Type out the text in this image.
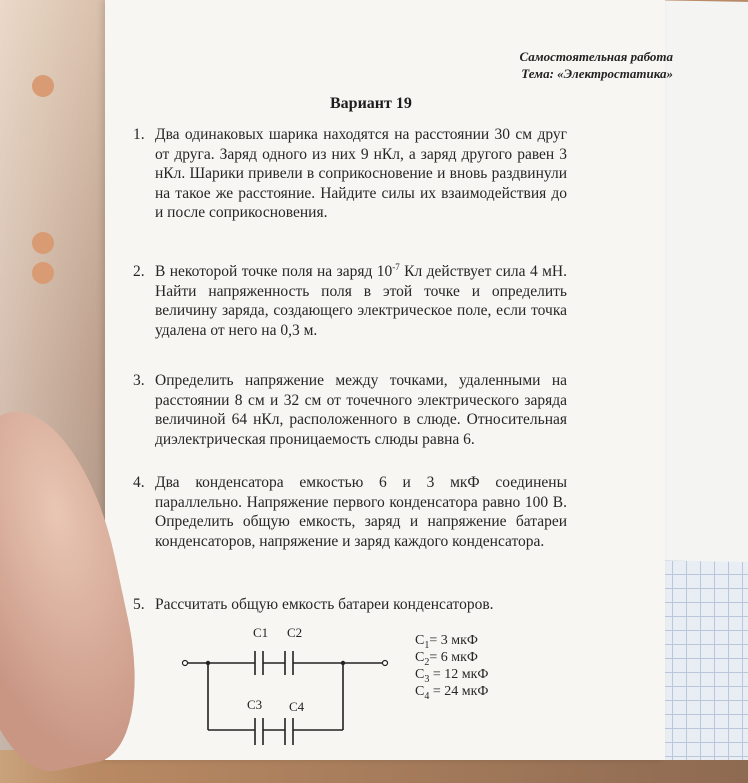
Самостоятельная работа
Тема: «Электростатика»
Вариант 19
1. Два одинаковых шарика находятся на расстоянии 30 см друг от друга. Заряд одного из них 9 нКл, а заряд другого равен 3 нКл. Шарики привели в соприкосновение и вновь раздвинули на такое же расстояние. Найдите силы их взаимодействия до и после соприкосновения.
2. В некоторой точке поля на заряд $10^{-7}$ Кл действует сила 4 мН. Найти напряженность поля в этой точке и определить величину заряда, создающего электрическое поле, если точка удалена от него на 0,3 м.
3. Определить напряжение между точками, удаленными на расстоянии 8 см и 32 см от точечного электрического заряда величиной 64 нКл, расположенного в слюде. Относительная диэлектрическая проницаемость слюды равна 6.
4. Два конденсатора емкостью 6 и 3 мкФ соединены параллельно. Напряжение первого конденсатора равно 100 В. Определить общую емкость, заряд и напряжение батареи конденсаторов, напряжение и заряд каждого конденсатора.
5. Рассчитать общую емкость батареи конденсаторов.
C1 C2
C3 C4
$C_1= 3$ мкФ
$C_2= 6$ мкФ
$C_3 = 12$ мкФ
$C_4 = 24$ мкФ
